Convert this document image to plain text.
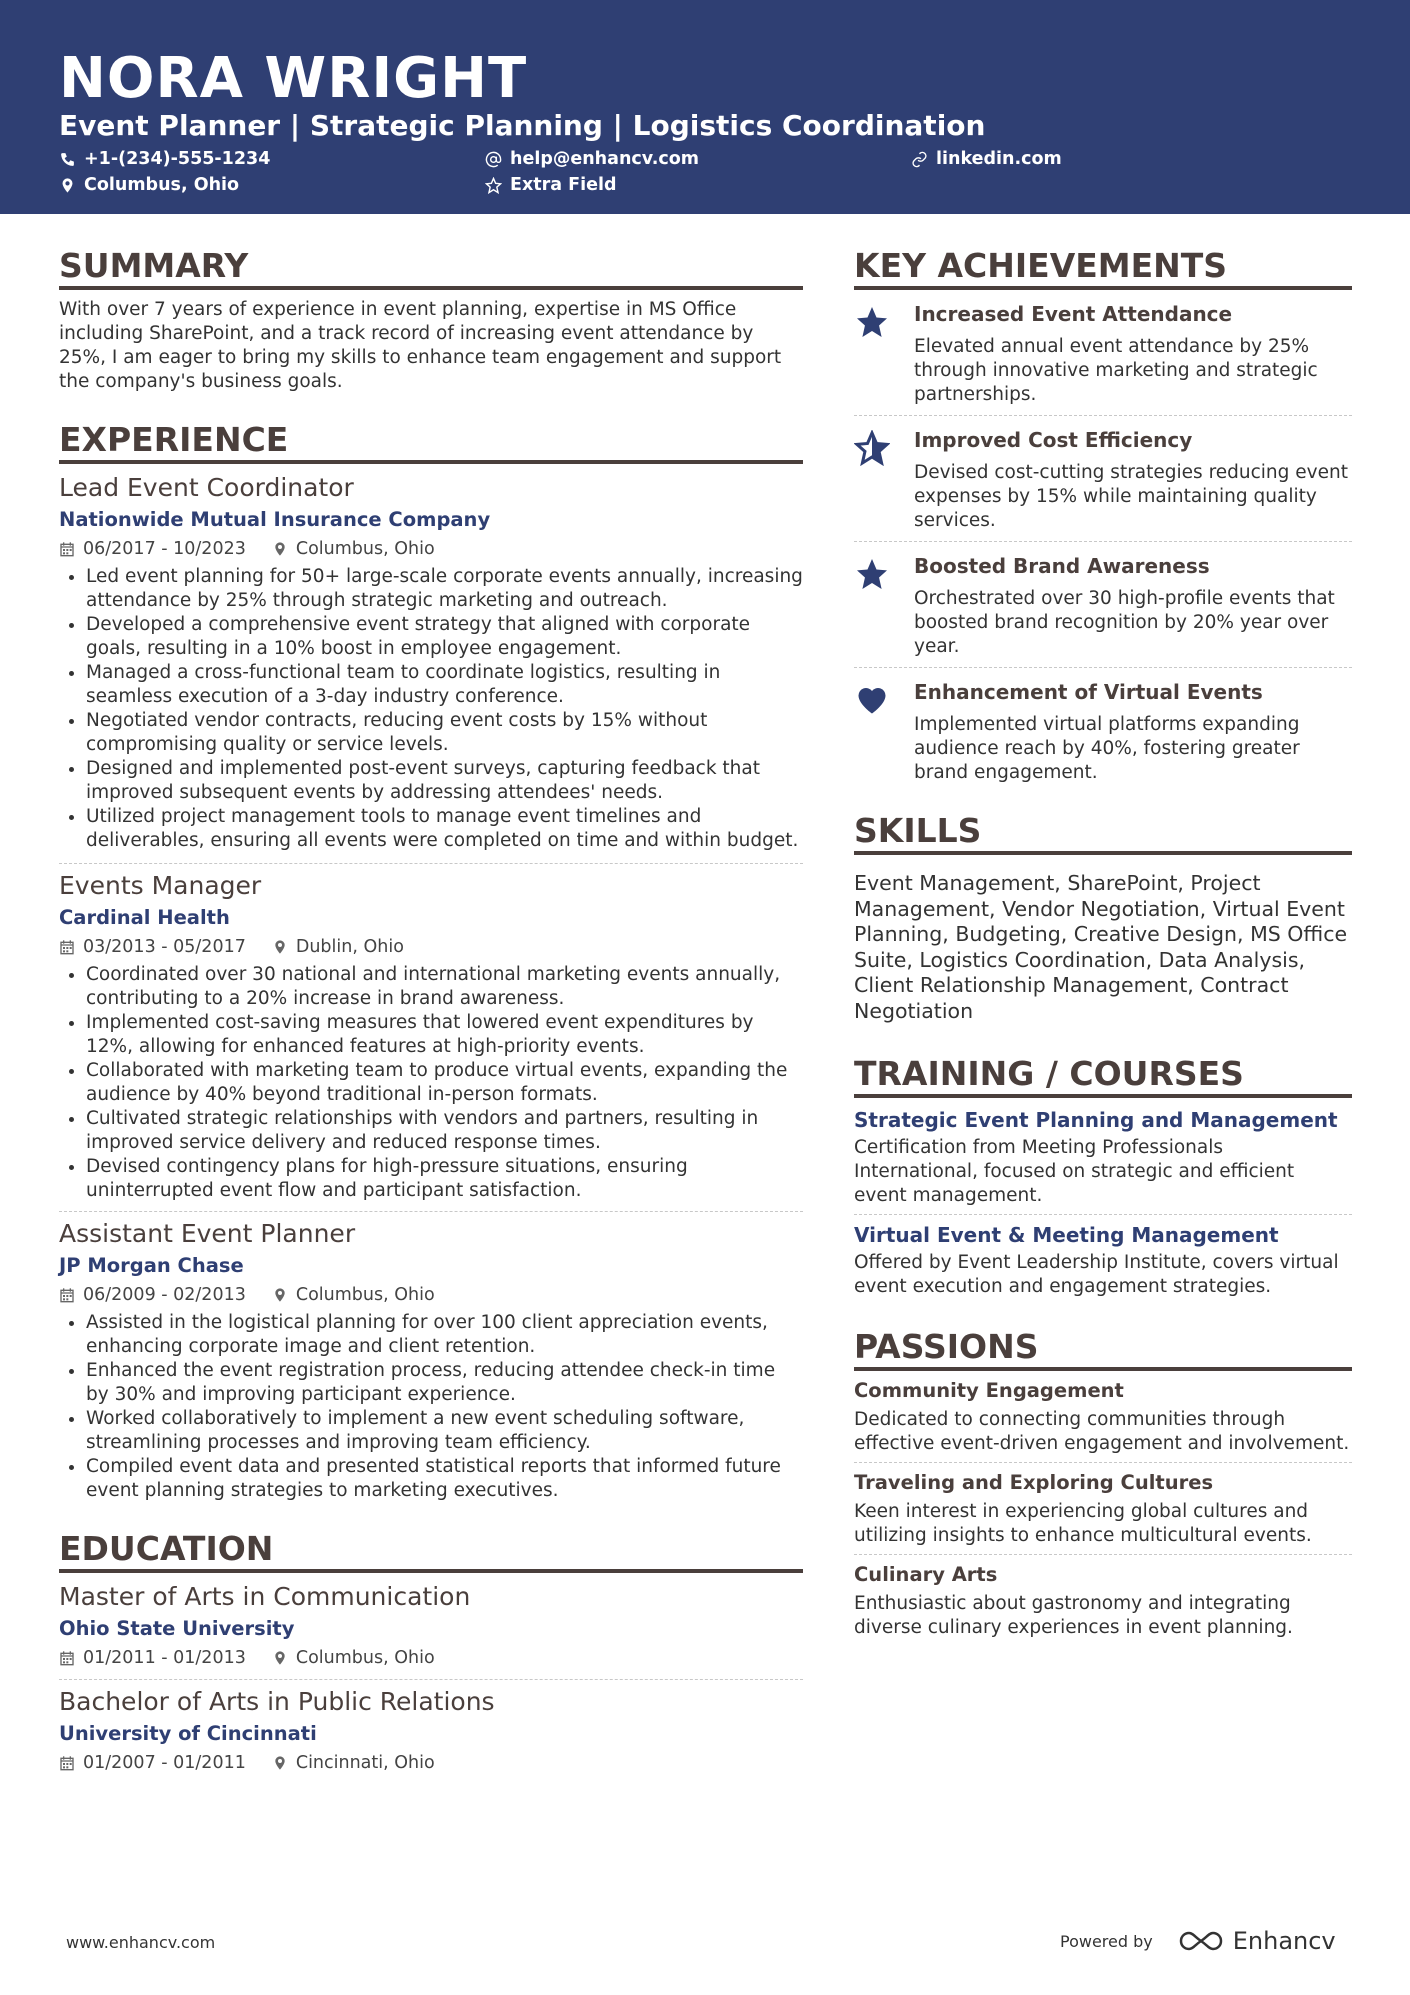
NORA WRIGHT
Event Planner | Strategic Planning | Logistics Coordination
+1-(234)-555-1234	help@enhancv.com	linkedin.com
Columbus, Ohio	Extra Field
SUMMARY

With over 7 years of experience in event planning, expertise in MS Office including SharePoint, and a track record of increasing event attendance by 25%, I am eager to bring my skills to enhance team engagement and support the company's business goals.

EXPERIENCE
Lead Event Coordinator
Nationwide Mutual Insurance Company
06/2017 - 10/2023	Columbus, Ohio
• Led event planning for 50+ large-scale corporate events annually, increasing attendance by 25% through strategic marketing and outreach.
• Developed a comprehensive event strategy that aligned with corporate goals, resulting in a 10% boost in employee engagement.
• Managed a cross-functional team to coordinate logistics, resulting in seamless execution of a 3-day industry conference.
• Negotiated vendor contracts, reducing event costs by 15% without compromising quality or service levels.
• Designed and implemented post-event surveys, capturing feedback that improved subsequent events by addressing attendees' needs.
• Utilized project management tools to manage event timelines and deliverables, ensuring all events were completed on time and within budget.
Events Manager
Cardinal Health
03/2013 - 05/2017	Dublin, Ohio
• Coordinated over 30 national and international marketing events annually, contributing to a 20% increase in brand awareness.
• Implemented cost-saving measures that lowered event expenditures by 12%, allowing for enhanced features at high-priority events.
• Collaborated with marketing team to produce virtual events, expanding the audience by 40% beyond traditional in-person formats.
• Cultivated strategic relationships with vendors and partners, resulting in improved service delivery and reduced response times.
• Devised contingency plans for high-pressure situations, ensuring uninterrupted event flow and participant satisfaction.
Assistant Event Planner
JP Morgan Chase
06/2009 - 02/2013	Columbus, Ohio
• Assisted in the logistical planning for over 100 client appreciation events, enhancing corporate image and client retention.
• Enhanced the event registration process, reducing attendee check-in time by 30% and improving participant experience.
• Worked collaboratively to implement a new event scheduling software, streamlining processes and improving team efficiency.
• Compiled event data and presented statistical reports that informed future event planning strategies to marketing executives.
EDUCATION
Master of Arts in Communication
Ohio State University
01/2011 - 01/2013	Columbus, Ohio
Bachelor of Arts in Public Relations
University of Cincinnati
01/2007 - 01/2011	Cincinnati, Ohio
KEY ACHIEVEMENTS
Increased Event Attendance
Elevated annual event attendance by 25% through innovative marketing and strategic partnerships.
Improved Cost Efficiency
Devised cost-cutting strategies reducing event expenses by 15% while maintaining quality services.
Boosted Brand Awareness
Orchestrated over 30 high-profile events that boosted brand recognition by 20% year over year.
Enhancement of Virtual Events
Implemented virtual platforms expanding audience reach by 40%, fostering greater brand engagement.
SKILLS
Event Management, SharePoint, Project Management, Vendor Negotiation, Virtual Event Planning, Budgeting, Creative Design, MS Office Suite, Logistics Coordination, Data Analysis, Client Relationship Management, Contract Negotiation
TRAINING / COURSES
Strategic Event Planning and Management
Certification from Meeting Professionals International, focused on strategic and efficient event management.
Virtual Event & Meeting Management
Offered by Event Leadership Institute, covers virtual event execution and engagement strategies.
PASSIONS
Community Engagement
Dedicated to connecting communities through effective event-driven engagement and involvement.
Traveling and Exploring Cultures
Keen interest in experiencing global cultures and utilizing insights to enhance multicultural events.
Culinary Arts
Enthusiastic about gastronomy and integrating diverse culinary experiences in event planning.
www.enhancv.com	Powered by	Enhancv
